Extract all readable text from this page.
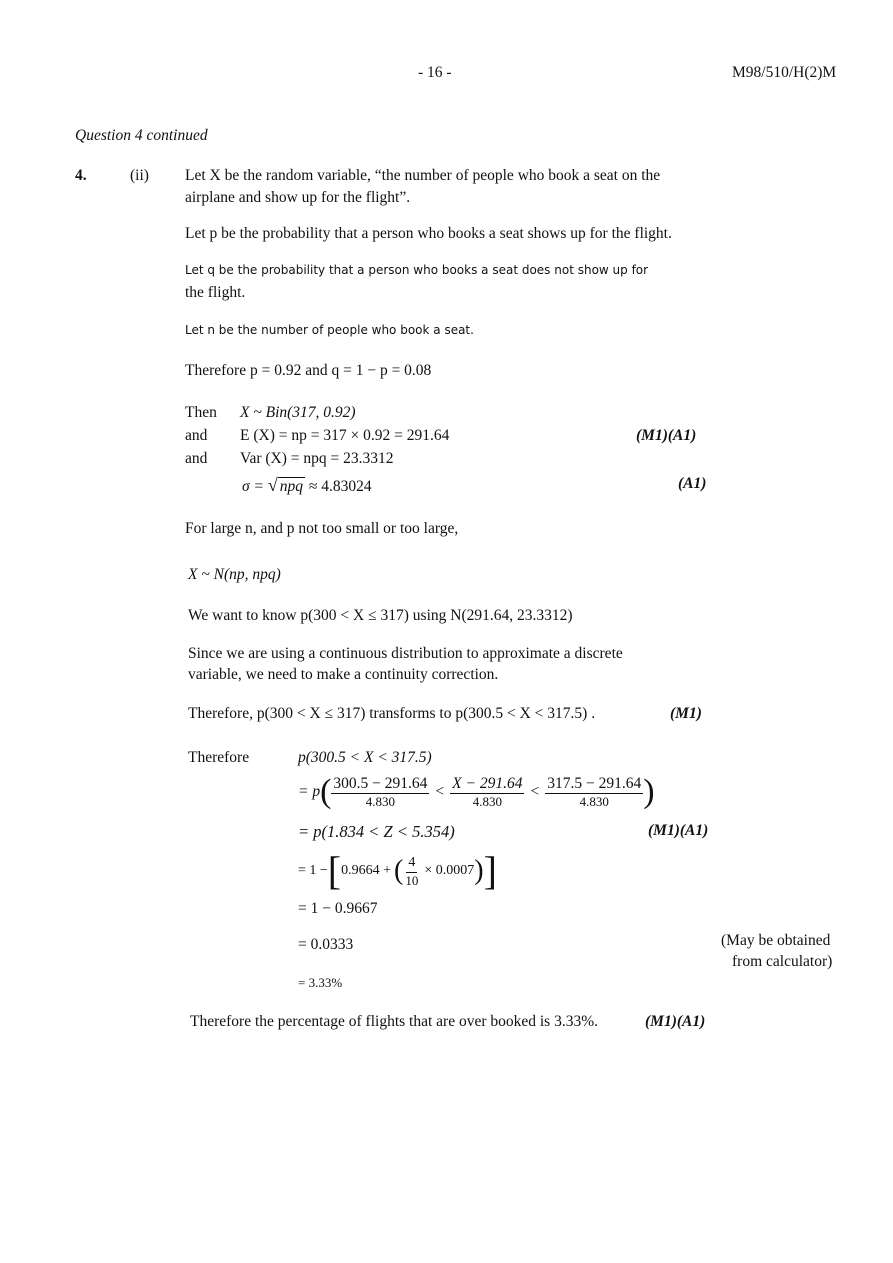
- 16 -	M98/510/H(2)M
Question 4 continued
4.	(ii) Let X be the random variable, “the number of people who book a seat on the
airplane and show up for the flight”.
Let p be the probability that a person who books a seat shows up for the flight.
Let q be the probability that a person who books a seat does not show up for
the flight.
Let n be the number of people who book a seat.
Therefore p = 0.92 and q = 1 − p = 0.08
Then X ~ Bin(317, 0.92)
and E (X) = np = 317 × 0.92 = 291.64	(M1)(A1)
and Var (X) = npq = 23.3312
σ = √ npq ≈ 4.83024	(A1)
For large n, and p not too small or too large,
X ~ N(np, npq)
We want to know p(300 < X ≤ 317) using N(291.64, 23.3312)
Since we are using a continuous distribution to approximate a discrete
variable, we need to make a continuity correction.
Therefore, p(300 < X ≤ 317) transforms to p(300.5 < X < 317.5) .	(M1)
Therefore	p(300.5 < X < 317.5)
= p ( $\frac{300.5 - 291.64}{4.830} < \frac{X - 291.64}{4.830} < \frac{317.5 - 291.64}{4.830}$ )
= p(1.834 < Z < 5.354)	(M1)(A1)
= 1 − [ 0.9664 + ( $\frac{4}{10} \times 0.0007$ ) ]
= 1 − 0.9667
= 0.0333	(May be obtained
from calculator)
= 3.33%
Therefore the percentage of flights that are over booked is 3.33%.	(M1)(A1)
